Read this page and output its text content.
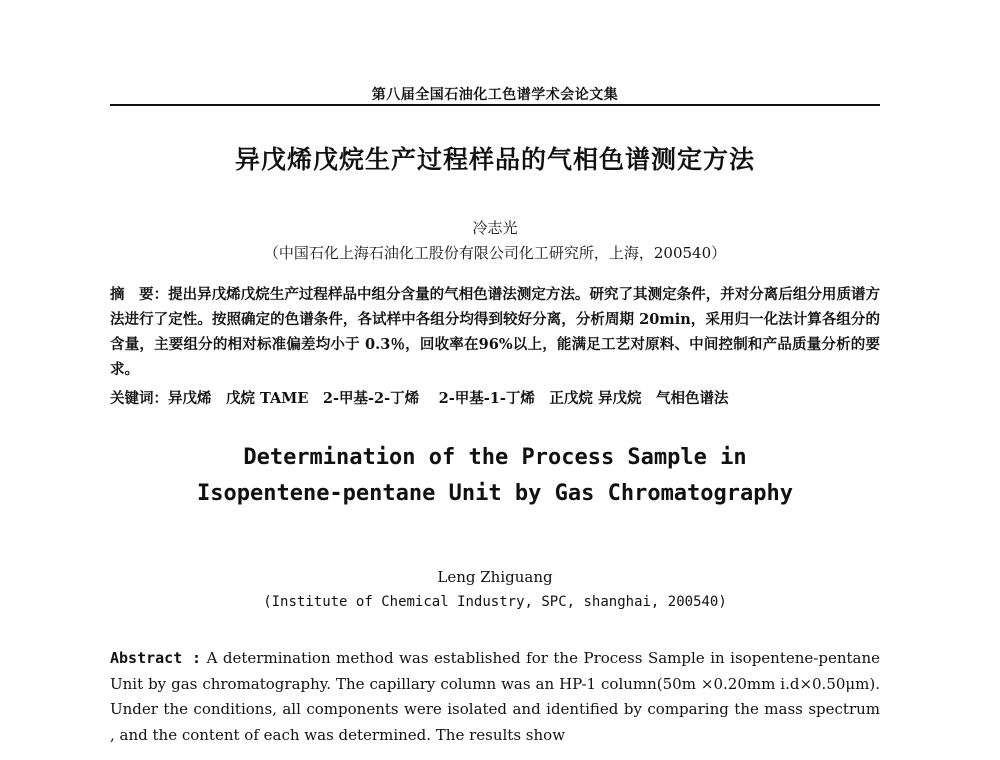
第八届全国石油化工色谱学术会论文集
异戊烯戊烷生产过程样品的气相色谱测定方法
冷志光
（中国石化上海石油化工股份有限公司化工研究所，上海，200540）
摘　要：提出异戊烯戊烷生产过程样品中组分含量的气相色谱法测定方法。研究了其测定条件，并对分离后组分用质谱方法进行了定性。按照确定的色谱条件，各试样中各组分均得到较好分离，分析周期 20min，采用归一化法计算各组分的含量，主要组分的相对标准偏差均小于 0.3％，回收率在96%以上，能满足工艺对原料、中间控制和产品质量分析的要求。
关键词：异戊烯　戊烷 TAME　2-甲基-2-丁烯　 2-甲基-1-丁烯　正戊烷 异戊烷　气相色谱法
Determination of the Process Sample in
Isopentene-pentane Unit by Gas Chromatography
Leng Zhiguang
(Institute of Chemical Industry, SPC, shanghai, 200540)
Abstract : A determination method was established for the Process Sample in isopentene-pentane Unit by gas chromatography. The capillary column was an HP-1 column(50m ×0.20mm i.d×0.50μm). Under the conditions, all components were isolated and identified by comparing the mass spectrum , and the content of each was determined. The results show
